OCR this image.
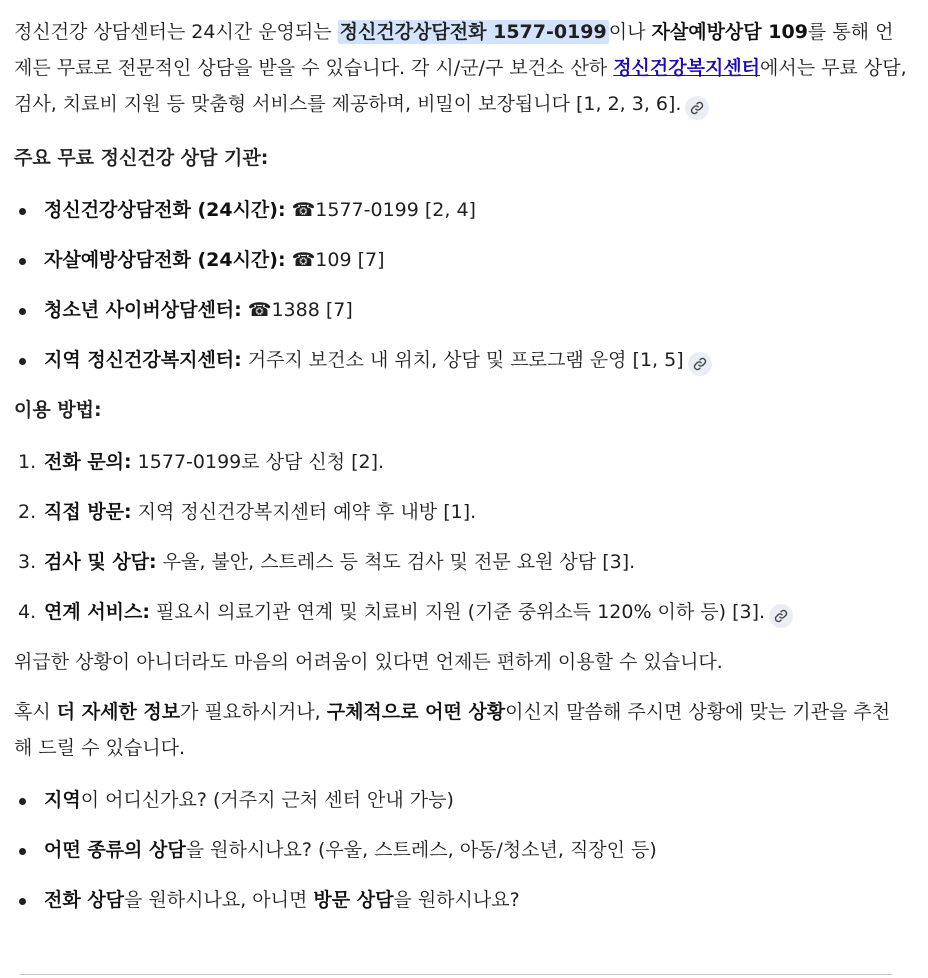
정신건강 상담센터는 24시간 운영되는 정신건강상담전화 1577-0199 이나 자살예방상담 109를 통해 언제든 무료로 전문적인 상담을 받을 수 있습니다. 각 시/군/구 보건소 산하 정신건강복지센터에서는 무료 상담, 검사, 치료비 지원 등 맞춤형 서비스를 제공하며, 비밀이 보장됩니다 [1, 2, 3, 6].

주요 무료 정신건강 상담 기관:

정신건강상담전화 (24시간): ☎1577-0199 [2, 4]
자살예방상담전화 (24시간): ☎109 [7]
청소년 사이버상담센터: ☎1388 [7]
지역 정신건강복지센터: 거주지 보건소 내 위치, 상담 및 프로그램 운영 [1, 5]

이용 방법:

1. 전화 문의: 1577-0199로 상담 신청 [2].
2. 직접 방문: 지역 정신건강복지센터 예약 후 내방 [1].
3. 검사 및 상담: 우울, 불안, 스트레스 등 척도 검사 및 전문 요원 상담 [3].
4. 연계 서비스: 필요시 의료기관 연계 및 치료비 지원 (기준 중위소득 120% 이하 등) [3].

위급한 상황이 아니더라도 마음의 어려움이 있다면 언제든 편하게 이용할 수 있습니다.

혹시 더 자세한 정보가 필요하시거나, 구체적으로 어떤 상황이신지 말씀해 주시면 상황에 맞는 기관을 추천해 드릴 수 있습니다.

지역이 어디신가요? (거주지 근처 센터 안내 가능)
어떤 종류의 상담을 원하시나요? (우울, 스트레스, 아동/청소년, 직장인 등)
전화 상담을 원하시나요, 아니면 방문 상담을 원하시나요?
